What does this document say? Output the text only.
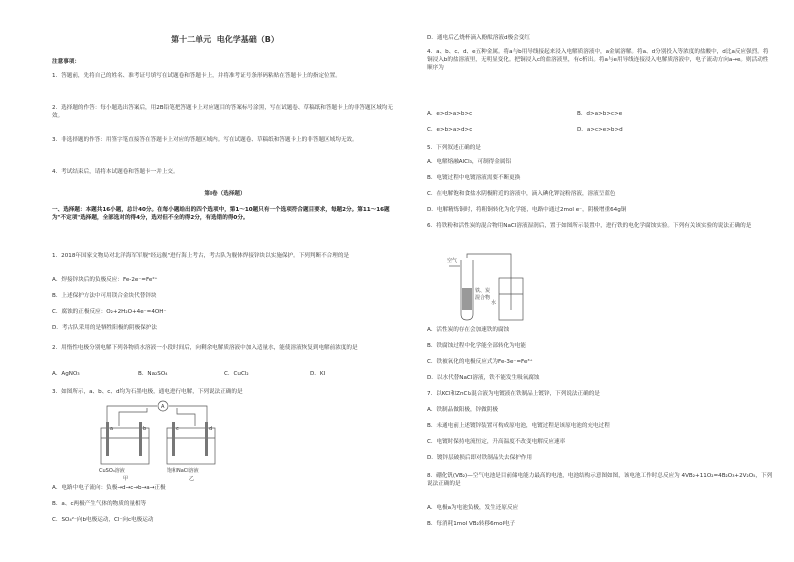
第十二单元  电化学基础（B）
注意事项：
1．答题前，先将自己的姓名、准考证号填写在试题卷和答题卡上，并将准考证号条形码粘贴在答题卡上的指定位置。
2．选择题的作答：每小题选出答案后，用2B铅笔把答题卡上对应题目的答案标号涂黑，写在试题卷、草稿纸和答题卡上的非答题区域均无效。
3．非选择题的作答：用签字笔直接答在答题卡上对应的答题区域内。写在试题卷、草稿纸和答题卡上的非答题区域均无效。
4．考试结束后，请将本试题卷和答题卡一并上交。
第Ⅰ卷（选择题）
一、选择题：本题共16小题，总计40分。在每小题给出的四个选项中，第1～10题只有一个选项符合题目要求，每题2分。第11～16题为"不定项"选择题，全部选对的得4分，选对但不全的得2分，有选错的得0分。
1．2018年国家文物局对北洋海军军舰"经远舰"进行海上考古，考古队为舰体焊接锌块以实施保护。下列判断不合理的是
A．焊接锌块后的负极反应：Fe-2e⁻=Fe²⁺
B．上述保护方法中可用镁合金块代替锌块
C．腐蚀的正极反应：O₂+2H₂O+4e⁻=4OH⁻
D．考古队采用的是牺牲阳极的阴极保护法
2．用惰性电极分别电解下列各物质水溶液一小段时间后，向剩余电解质溶液中加入适量水，能使溶液恢复到电解前浓度的是
A．AgNO₃	B．Na₂SO₄	C．CuCl₂	D．KI
3．如图所示，a、b、c、d均为石墨电极，通电进行电解，下列说法正确的是
A
a	b	c	d
CuSO₄溶液	饱和NaCl溶液
甲	乙
A．电路中电子流向：负极→d→c→b→a→正极
B．a、c两极产生气体的物质的量相等
C．SO₄²⁻向b电极运动，Cl⁻向c电极运动
D．通电后乙烧杯滴入酚酞溶液d极会变红
4．a、b、c、d、e五种金属。将a与b用导线接起来浸入电解质溶液中，a金属溶解。将a、d分别投入等浓度的盐酸中，d比a反应强烈。将铜浸入b的盐溶液里，无明显变化。把铜浸入c的盐溶液里，有c析出。将a与e用导线连接浸入电解质溶液中，电子流动方向a→e。则活动性顺序为
A．e>d>a>b>c	B．d>a>b>c>e
C．e>b>a>d>c	D．a>c>e>b>d
5．下列叙述正确的是
A．电解熔融AlCl₃，可制得金属铝
B．电镀过程中电镀溶液需要不断更换
C．在电解饱和食盐水阴极附近的溶液中，滴入碘化钾淀粉溶液，溶液呈蓝色
D．电解精炼铜时，将粗铜转化为化学能，电路中通过2mol e⁻，阴极增重64g铜
6．将铁粉和活性炭的混合物用NaCl溶液湿润后，置于如图所示装置中，进行铁的电化学腐蚀实验。下列有关该实验的说法正确的是
空气
铁、炭
混合物
水
A．活性炭的存在会加速铁的腐蚀
B．铁腐蚀过程中化学能全部转化为电能
C．铁被氧化的电极反应式为Fe-3e⁻=Fe³⁺
D．以水代替NaCl溶液，铁不能发生吸氧腐蚀
7．以KCl和ZnCl₂混合液为电镀液在铁制品上镀锌，下列说法正确的是
A．铁制品做阳极，锌做阴极
B．未通电前上述镀锌装置可构成原电池，电镀过程是该原电池的充电过程
C．电镀时保持电流恒定，升高温度不改变电解反应速率
D．镀锌层破损后即对铁制品失去保护作用
8．硼化钒(VB₂)—空气电池是目前储电能力最高的电池，电池结构示意图如图，该电池工作时总反应为 4VB₂+11O₂=4B₂O₃+2V₂O₅，下列说法正确的是
A．电极a为电池负极，发生还原反应
B．每消耗1mol VB₂转移6mol电子
